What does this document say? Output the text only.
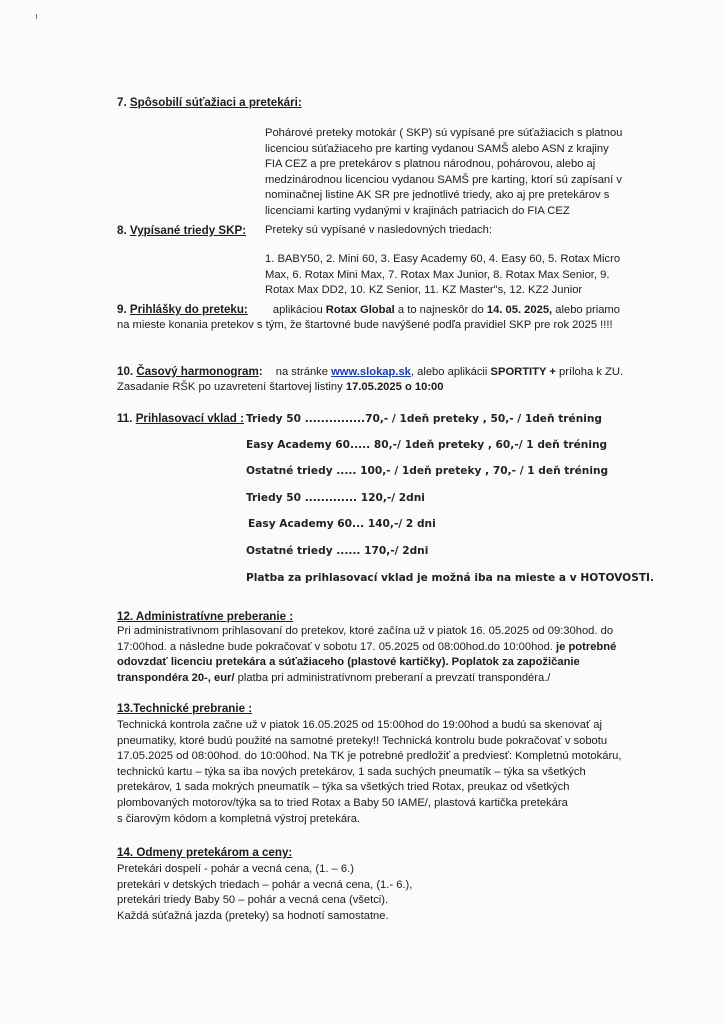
7. Spôsobilí súťažiaci a pretekári:
Pohárové preteky motokár ( SKP) sú vypísané pre súťažiacich s platnou
licenciou súťažiaceho pre karting vydanou SAMŠ alebo ASN z krajiny
FIA CEZ a pre pretekárov s platnou národnou, pohárovou, alebo aj
medzinárodnou licenciou vydanou SAMŠ pre karting, ktorí sú zapísaní v
nominačnej listine AK SR pre jednotlivé triedy, ako aj pre pretekárov s
licenciami karting vydanými v krajinách patriacich do FIA CEZ
8. Vypísané triedy SKP: Preteky sú vypísané v nasledovných triedach:
1. BABY50, 2. Mini 60, 3. Easy Academy 60, 4. Easy 60, 5. Rotax Micro
Max, 6. Rotax Mini Max, 7. Rotax Max Junior, 8. Rotax Max Senior, 9.
Rotax Max DD2, 10. KZ Senior, 11. KZ Master"s, 12. KZ2 Junior
9. Prihlášky do preteku: aplikáciou Rotax Global a to najneskôr do 14. 05. 2025, alebo priamo
na mieste konania pretekov s tým, že štartovné bude navýšené podľa pravidiel SKP pre rok 2025 !!!!
10. Časový harmonogram: na stránke www.slokap.sk, alebo aplikácii SPORTITY + príloha k ZU.
Zasadanie RŠK po uzavretení štartovej listiny 17.05.2025 o 10:00
11. Prihlasovací vklad : Triedy 50 ...............70,- / 1deň preteky , 50,- / 1deň tréning
Easy Academy 60..... 80,-/ 1deň preteky , 60,-/ 1 deň tréning
Ostatné triedy ..... 100,- / 1deň preteky , 70,- / 1 deň tréning
Triedy 50 ............. 120,-/ 2dni
Easy Academy 60... 140,-/ 2 dni
Ostatné triedy ...... 170,-/ 2dni
Platba za prihlasovací vklad je možná iba na mieste a v HOTOVOSTI.
12. Administratívne preberanie :
Pri administratívnom prihlasovaní do pretekov, ktoré začína už v piatok 16. 05.2025 od 09:30hod. do
17:00hod. a následne bude pokračovať v sobotu 17. 05.2025 od 08:00hod.do 10:00hod. je potrebné
odovzdať licenciu pretekára a súťažiaceho (plastové kartičky). Poplatok za zapožičanie
transpondéra 20-, eur/ platba pri administratívnom preberaní a prevzatí transpondéra./
13.Technické prebranie :
Technická kontrola začne už v piatok 16.05.2025 od 15:00hod do 19:00hod a budú sa skenovať aj
pneumatiky, ktoré budú použité na samotné preteky!! Technická kontrolu bude pokračovať v sobotu
17.05.2025 od 08:00hod. do 10:00hod. Na TK je potrebné predložiť a predviesť: Kompletnú motokáru,
technickú kartu – týka sa iba nových pretekárov, 1 sada suchých pneumatík – týka sa všetkých
pretekárov, 1 sada mokrých pneumatík – týka sa všetkých tried Rotax, preukaz od všetkých
plombovaných motorov/týka sa to tried Rotax a Baby 50 IAME/, plastová kartička pretekára
s čiarovým kódom a kompletná výstroj pretekára.
14. Odmeny pretekárom a ceny:
Pretekári dospelí - pohár a vecná cena, (1. – 6.)
pretekári v detských triedach – pohár a vecná cena, (1.- 6.),
pretekári triedy Baby 50 – pohár a vecná cena (všetci).
Každá súťažná jazda (preteky) sa hodnotí samostatne.
